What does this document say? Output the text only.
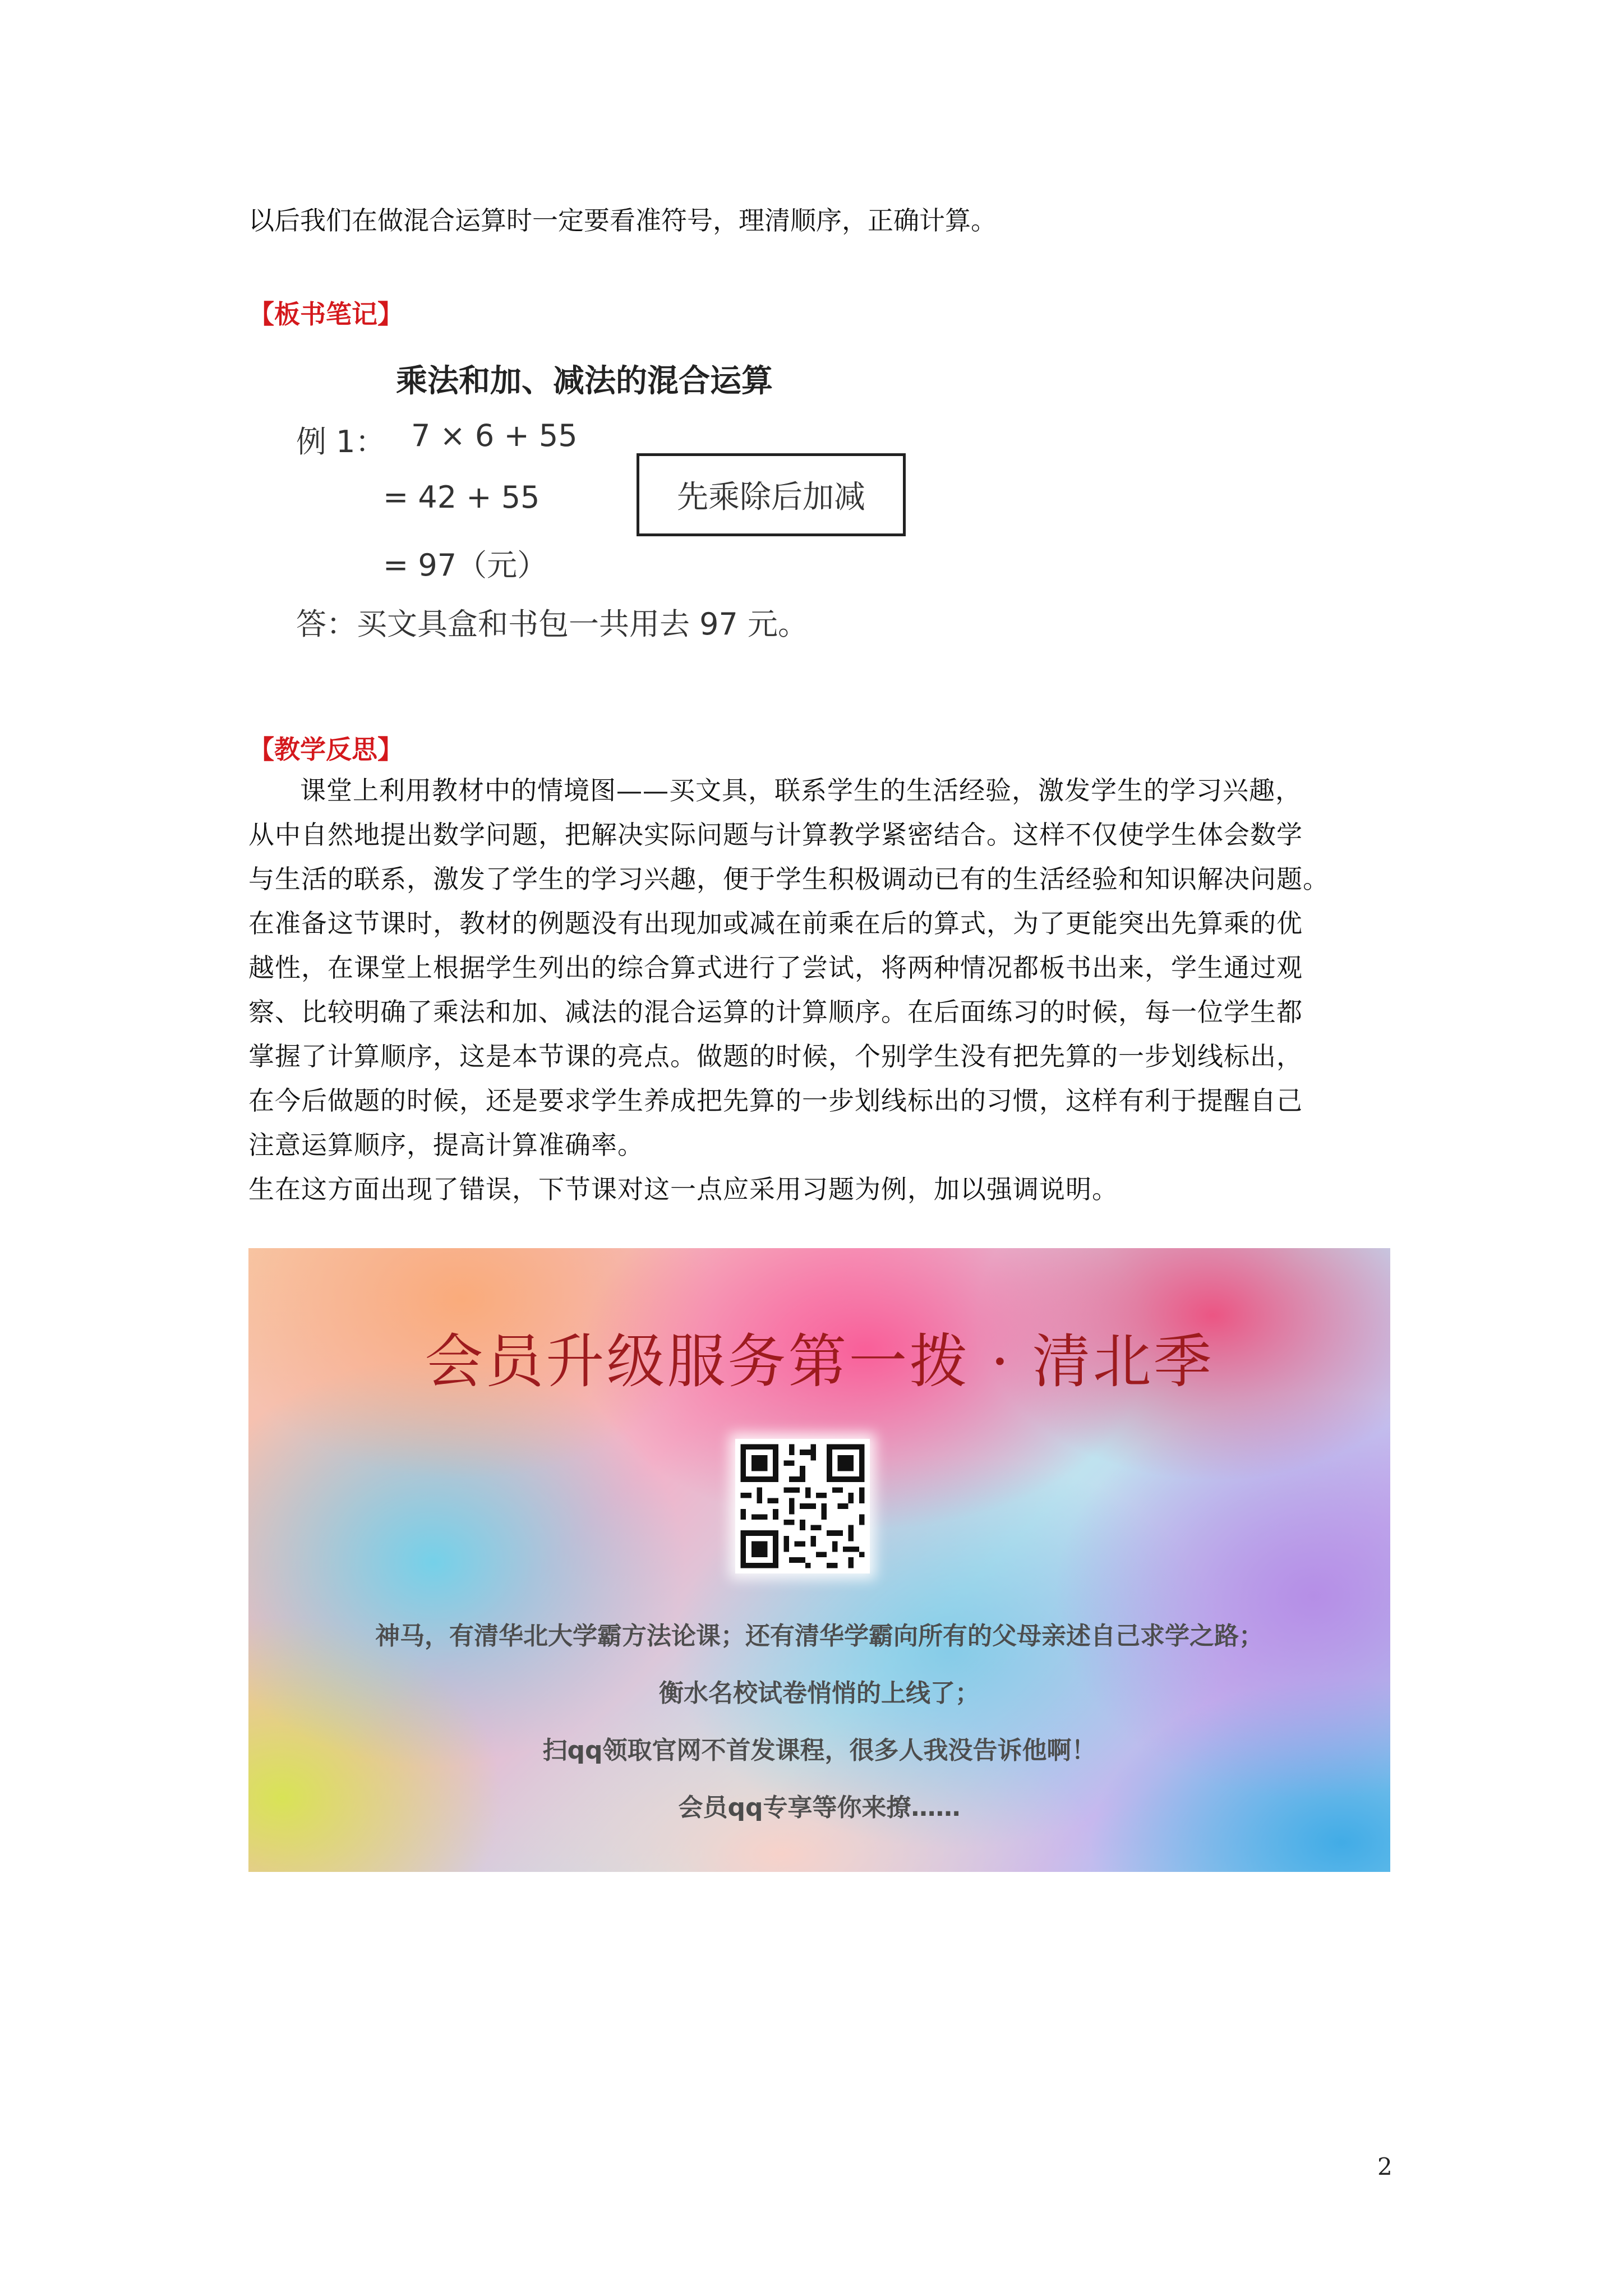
以后我们在做混合运算时一定要看准符号，理清顺序，正确计算。
【板书笔记】
乘法和加、减法的混合运算
例 1： 7 × 6 + 55
= 42 + 55
= 97（元）
先乘除后加减
答：买文具盒和书包一共用去 97 元。
【教学反思】
课堂上利用教材中的情境图——买文具，联系学生的生活经验，激发学生的学习兴趣，
从中自然地提出数学问题，把解决实际问题与计算教学紧密结合。这样不仅使学生体会数学
与生活的联系，激发了学生的学习兴趣，便于学生积极调动已有的生活经验和知识解决问题。
在准备这节课时，教材的例题没有出现加或减在前乘在后的算式，为了更能突出先算乘的优
越性，在课堂上根据学生列出的综合算式进行了尝试，将两种情况都板书出来，学生通过观
察、比较明确了乘法和加、减法的混合运算的计算顺序。在后面练习的时候，每一位学生都
掌握了计算顺序，这是本节课的亮点。做题的时候，个别学生没有把先算的一步划线标出，
在今后做题的时候，还是要求学生养成把先算的一步划线标出的习惯，这样有利于提醒自己
注意运算顺序，提高计算准确率。
生在这方面出现了错误，下节课对这一点应采用习题为例，加以强调说明。
会员升级服务第一拨 · 清北季
神马，有清华北大学霸方法论课；还有清华学霸向所有的父母亲述自己求学之路；
衡水名校试卷悄悄的上线了；
扫qq领取官网不首发课程，很多人我没告诉他啊！
会员qq专享等你来撩……
2
